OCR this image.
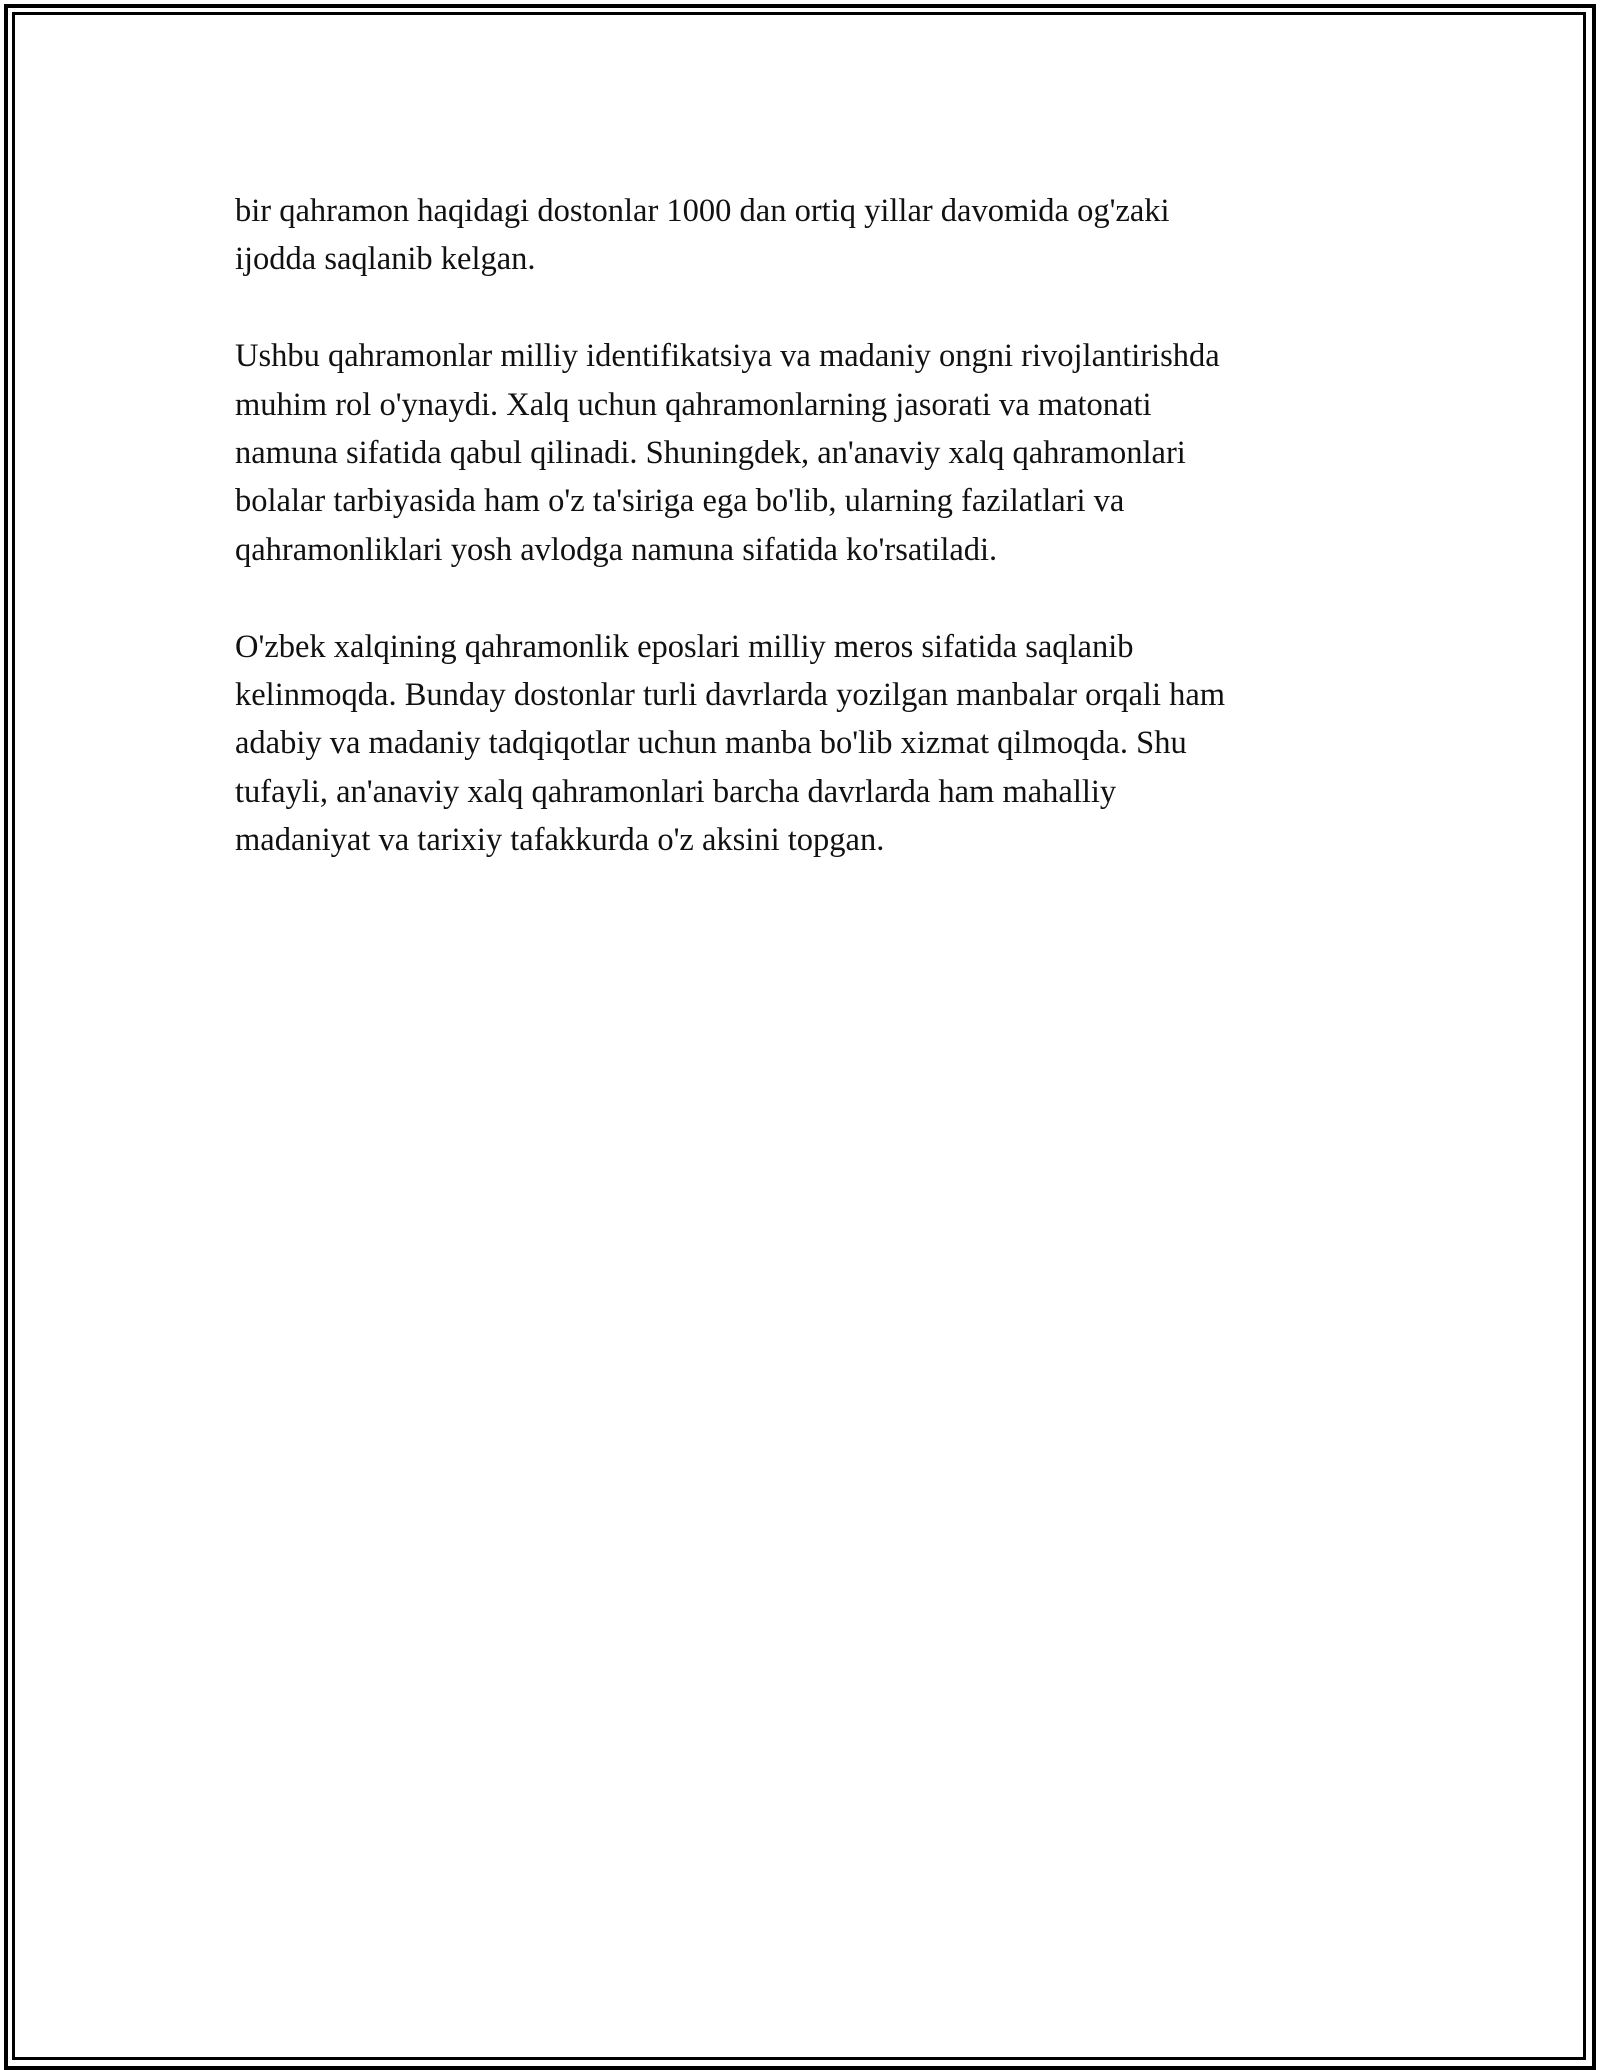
bir qahramon haqidagi dostonlar 1000 dan ortiq yillar davomida og'zaki
ijodda saqlanib kelgan.

Ushbu qahramonlar milliy identifikatsiya va madaniy ongni rivojlantirishda
muhim rol o'ynaydi. Xalq uchun qahramonlarning jasorati va matonati
namuna sifatida qabul qilinadi. Shuningdek, an'anaviy xalq qahramonlari
bolalar tarbiyasida ham o'z ta'siriga ega bo'lib, ularning fazilatlari va
qahramonliklari yosh avlodga namuna sifatida ko'rsatiladi.

O'zbek xalqining qahramonlik eposlari milliy meros sifatida saqlanib
kelinmoqda. Bunday dostonlar turli davrlarda yozilgan manbalar orqali ham
adabiy va madaniy tadqiqotlar uchun manba bo'lib xizmat qilmoqda. Shu
tufayli, an'anaviy xalq qahramonlari barcha davrlarda ham mahalliy
madaniyat va tarixiy tafakkurda o'z aksini topgan.
